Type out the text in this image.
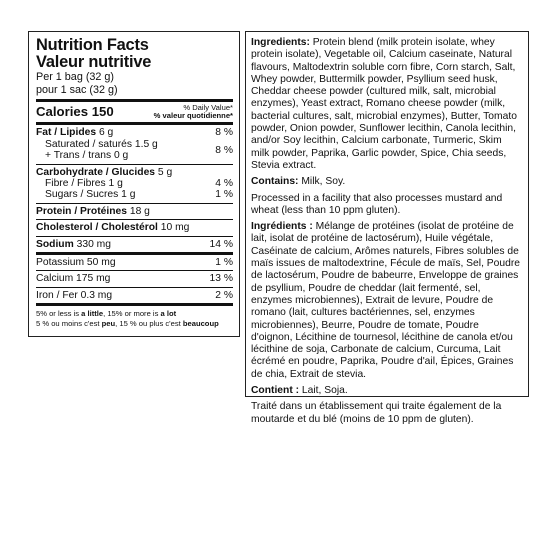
Nutrition Facts
Valeur nutritive
Per 1 bag (32 g)
pour 1 sac (32 g)
Calories 150	% Daily Value*
% valeur quotidienne*
Fat / Lipides 6 g	8 %
Saturated / saturés 1.5 g
+ Trans / trans 0 g
8 %
Carbohydrate / Glucides 5 g
Fibre / Fibres 1 g	4 %
Sugars / Sucres 1 g	1 %
Protein / Protéines 18 g
Cholesterol / Cholestérol 10 mg
Sodium 330 mg	14 %
Potassium 50 mg	1 %
Calcium 175 mg	13 %
Iron / Fer 0.3 mg	2 %
5% or less is a little, 15% or more is a lot
5 % ou moins c'est peu, 15 % ou plus c'est beaucoup

Ingredients: Protein blend (milk protein isolate, whey protein isolate), Vegetable oil, Calcium caseinate, Natural flavours, Maltodextrin soluble corn fibre, Corn starch, Salt, Whey powder, Buttermilk powder, Psyllium seed husk, Cheddar cheese powder (cultured milk, salt, microbial enzymes), Yeast extract, Romano cheese powder (milk, bacterial cultures, salt, microbial enzymes), Butter, Tomato powder, Onion powder, Sunflower lecithin, Canola lecithin, and/or Soy lecithin, Calcium carbonate, Turmeric, Skim milk powder, Paprika, Garlic powder, Spice, Chia seeds, Stevia extract.

Contains: Milk, Soy.

Processed in a facility that also processes mustard and wheat (less than 10 ppm gluten).

Ingrédients : Mélange de protéines (isolat de protéine de lait, isolat de protéine de lactosérum), Huile végétale, Caséinate de calcium, Arômes naturels, Fibres solubles de maïs issues de maltodextrine, Fécule de maïs, Sel, Poudre de lactosérum, Poudre de babeurre, Enveloppe de graines de psyllium, Poudre de cheddar (lait fermenté, sel, enzymes microbiennes), Extrait de levure, Poudre de romano (lait, cultures bactériennes, sel, enzymes microbiennes), Beurre, Poudre de tomate, Poudre d'oignon, Lécithine de tournesol, lécithine de canola et/ou lécithine de soja, Carbonate de calcium, Curcuma, Lait écrémé en poudre, Paprika, Poudre d'ail, Épices, Graines de chia, Extrait de stevia.

Contient : Lait, Soja.

Traité dans un établissement qui traite également de la moutarde et du blé (moins de 10 ppm de gluten).
